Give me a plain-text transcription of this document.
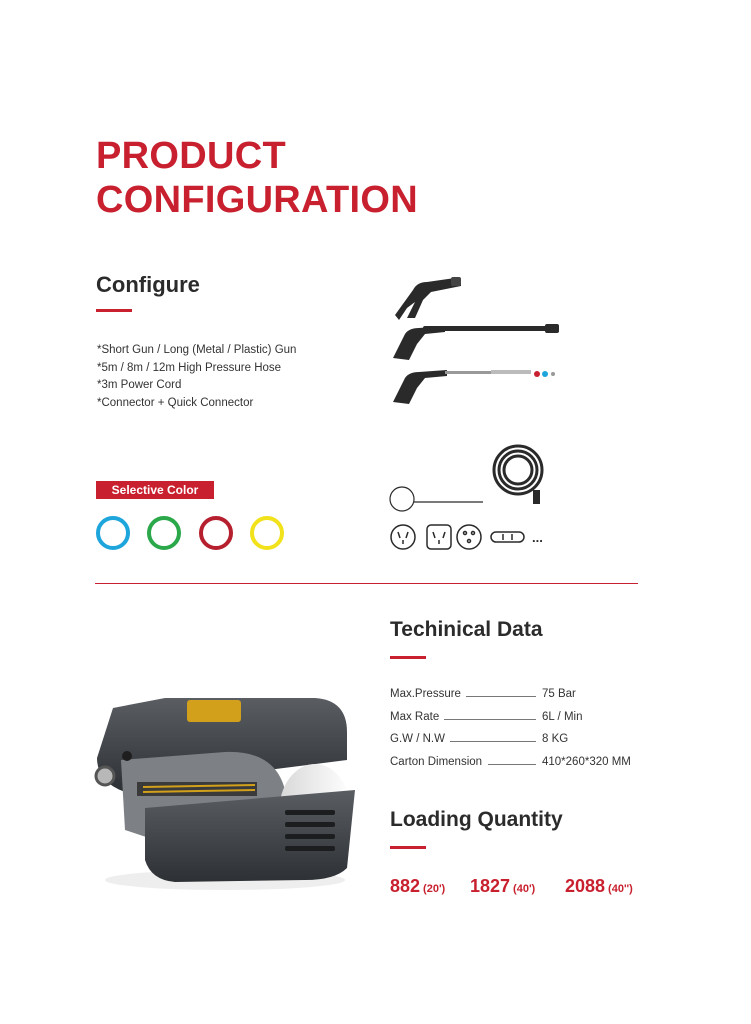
PRODUCT
CONFIGURATION
Configure
*Short Gun / Long (Metal / Plastic) Gun
*5m / 8m / 12m High Pressure Hose
*3m Power Cord
*Connector + Quick Connector
Selective Color
...
Techinical Data
Max.Pressure	75 Bar
Max Rate	6L / Min
G.W / N.W	8 KG
Carton Dimension	410*260*320 MM
Loading Quantity
882 (20') 1827 (40') 2088 (40'')
